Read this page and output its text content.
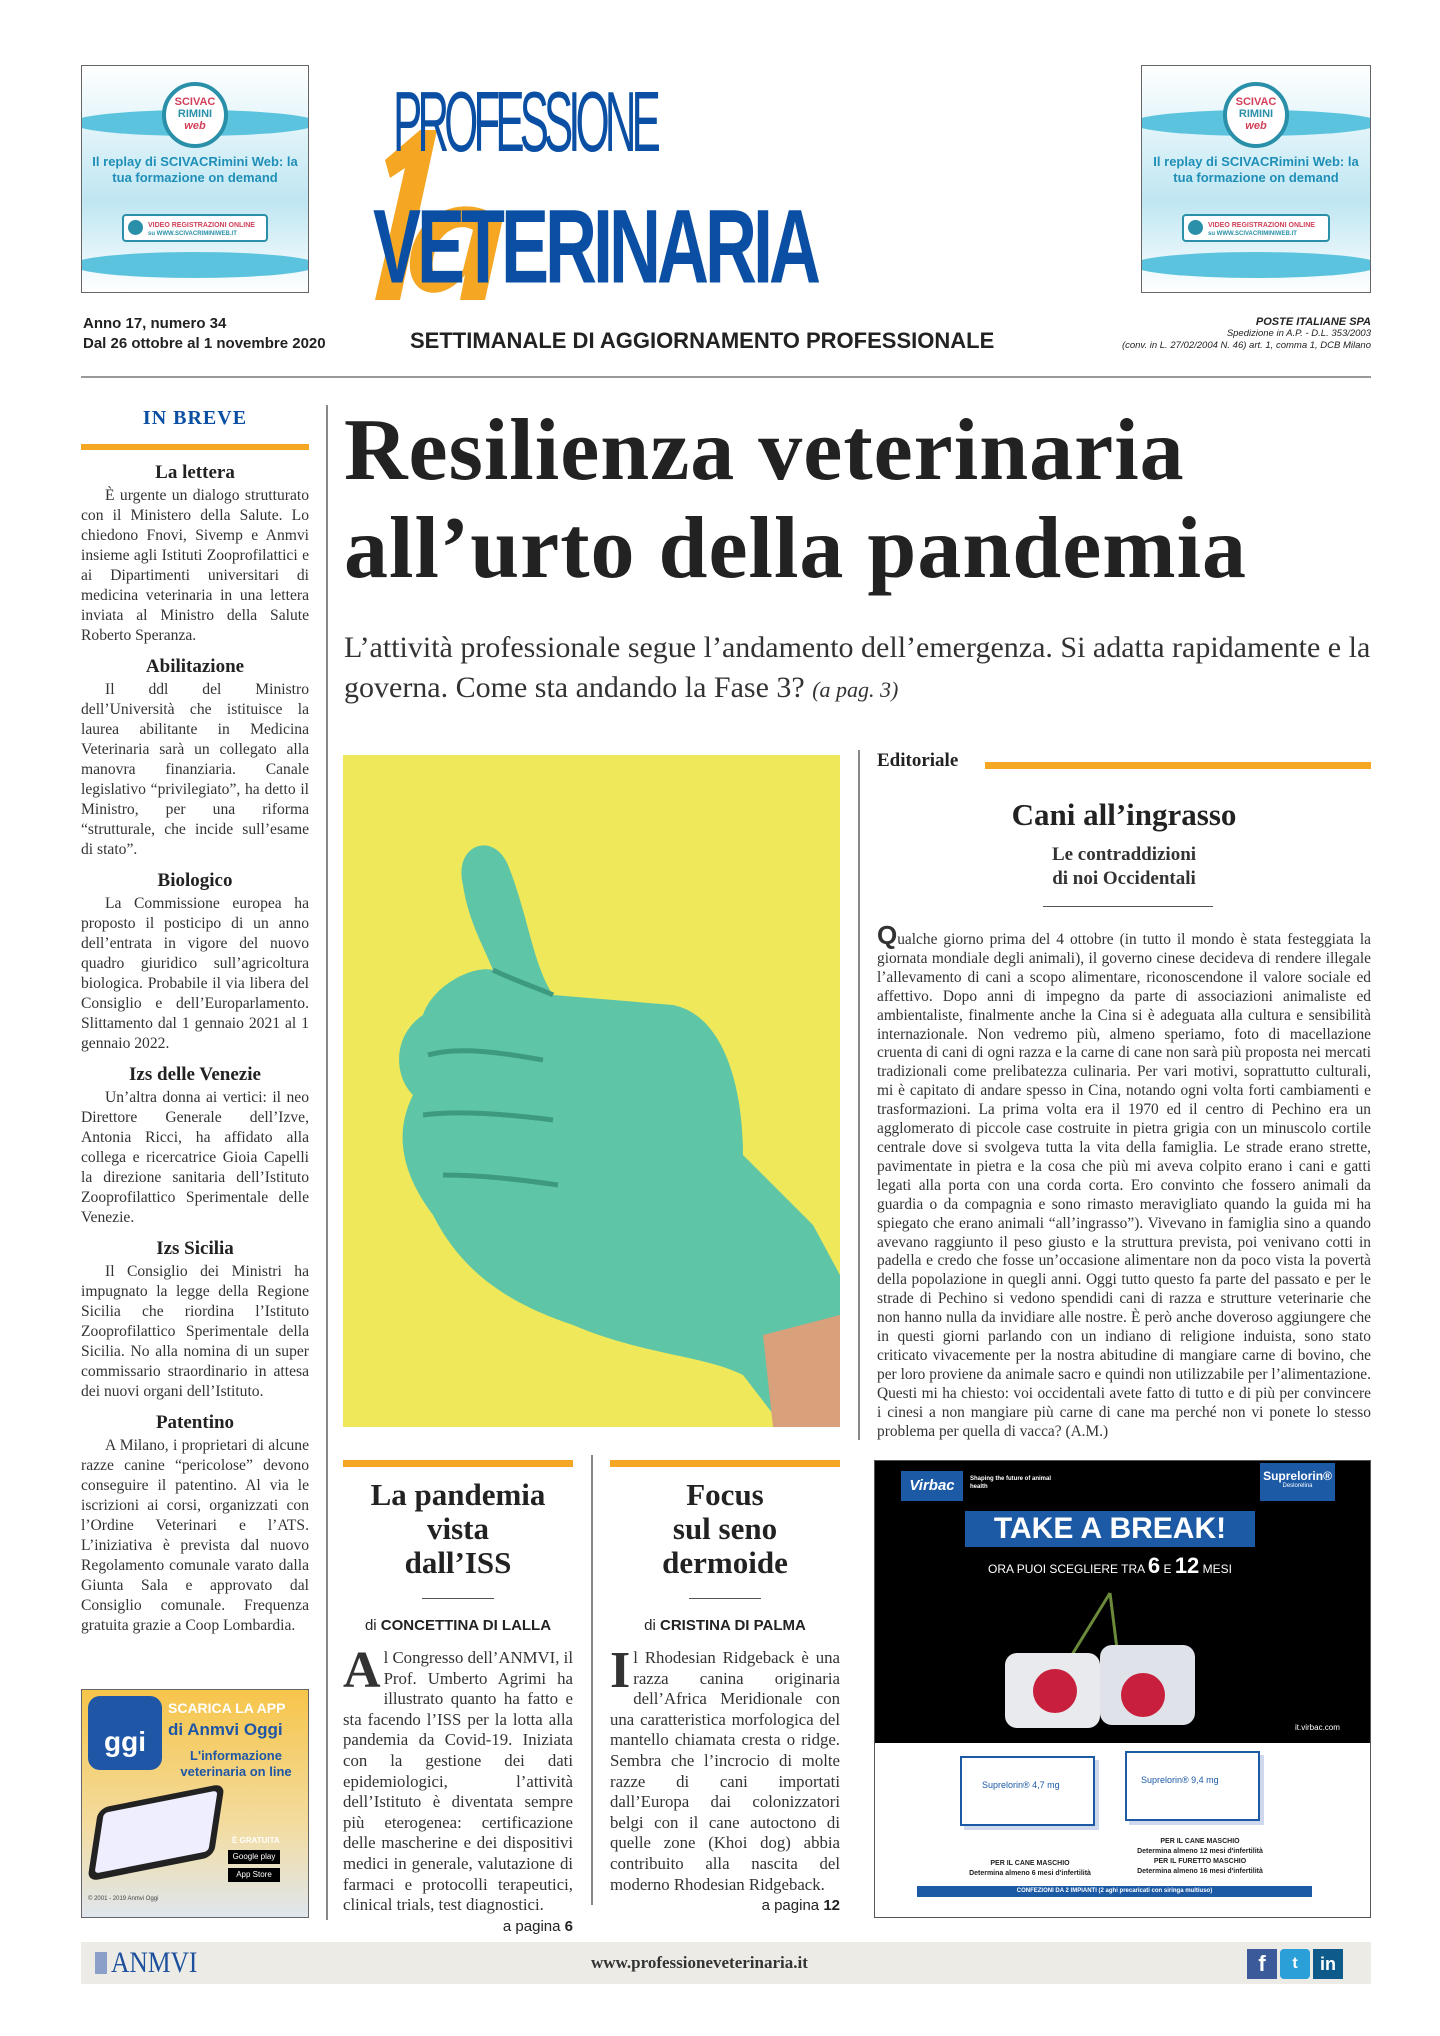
SCIVAC
RIMINI
web
Il replay di SCIVACRimini Web: la tua formazione on demand
VIDEO REGISTRAZIONI ONLINE
su WWW.SCIVACRIMINIWEB.IT
SCIVAC
RIMINI
web
Il replay di SCIVACRimini Web: la tua formazione on demand
VIDEO REGISTRAZIONI ONLINE
su WWW.SCIVACRIMINIWEB.IT
PROFESSIONE
VETERINARIA
Anno 17, numero 34
Dal 26 ottobre al 1 novembre 2020	SETTIMANALE DI AGGIORNAMENTO PROFESSIONALE
POSTE ITALIANE SPA
Spedizione in A.P. - D.L. 353/2003
(conv. in L. 27/02/2004 N. 46) art. 1, comma 1, DCB Milano
IN BREVE
La lettera

È urgente un dialogo strutturato con il Ministero della Salute. Lo chiedono Fnovi, Sivemp e Anmvi insieme agli Istituti Zooprofilattici e ai Dipartimenti universitari di medicina veterinaria in una lettera inviata al Ministro della Salute Roberto Speranza.

Abilitazione

Il ddl del Ministro dell’Università che istituisce la laurea abilitante in Medicina Veterinaria sarà un collegato alla manovra finanziaria. Canale legislativo “privilegiato”, ha detto il Ministro, per una riforma “strutturale, che incide sull’esame di stato”.

Biologico

La Commissione europea ha proposto il posticipo di un anno dell’entrata in vigore del nuovo quadro giuridico sull’agricoltura biologica. Probabile il via libera del Consiglio e dell’Europarlamento. Slittamento dal 1 gennaio 2021 al 1 gennaio 2022.

Izs delle Venezie

Un’altra donna ai vertici: il neo Direttore Generale dell’Izve, Antonia Ricci, ha affidato alla collega e ricercatrice Gioia Capelli la direzione sanitaria dell’Istituto Zooprofilattico Sperimentale delle Venezie.

Izs Sicilia

Il Consiglio dei Ministri ha impugnato la legge della Regione Sicilia che riordina l’Istituto Zooprofilattico Sperimentale della Sicilia. No alla nomina di un super commissario straordinario in attesa dei nuovi organi dell’Istituto.

Patentino

A Milano, i proprietari di alcune razze canine “pericolose” devono conseguire il patentino. Al via le iscrizioni ai corsi, organizzati con l’Ordine Veterinari e l’ATS. L’iniziativa è prevista dal nuovo Regolamento comunale varato dalla Giunta Sala e approvato dal Consiglio comunale. Frequenza gratuita grazie a Coop Lombardia.

ggi
SCARICA LA APP
di Anmvi Oggi
L'informazione veterinaria on line
È GRATUITA
Google play
App Store
© 2001 - 2019 Anmvi Oggi
Resilienza veterinaria
all’urto della pandemia
L’attività professionale segue l’andamento dell’emergenza. Si adatta rapidamente e la governa. Come sta andando la Fase 3? (a pag. 3)
Editoriale
Cani all’ingrasso
Le contraddizioni
di noi Occidentali

Qualche giorno prima del 4 ottobre (in tutto il mondo è stata festeggiata la giornata mondiale degli animali), il governo cinese decideva di rendere illegale l’allevamento di cani a scopo alimentare, riconoscendone il valore sociale ed affettivo. Dopo anni di impegno da parte di associazioni animaliste ed ambientaliste, finalmente anche la Cina si è adeguata alla cultura e sensibilità internazionale. Non vedremo più, almeno speriamo, foto di macellazione cruenta di cani di ogni razza e la carne di cane non sarà più proposta nei mercati tradizionali come prelibatezza culinaria. Per vari motivi, soprattutto culturali, mi è capitato di andare spesso in Cina, notando ogni volta forti cambiamenti e trasformazioni. La prima volta era il 1970 ed il centro di Pechino era un agglomerato di piccole case costruite in pietra grigia con un minuscolo cortile centrale dove si svolgeva tutta la vita della famiglia. Le strade erano strette, pavimentate in pietra e la cosa che più mi aveva colpito erano i cani e gatti legati alla porta con una corda corta. Ero convinto che fossero animali da guardia o da compagnia e sono rimasto meravigliato quando la guida mi ha spiegato che erano animali “all’ingrasso”). Vivevano in famiglia sino a quando avevano raggiunto il peso giusto e la struttura prevista, poi venivano cotti in padella e credo che fosse un’occasione alimentare non da poco vista la povertà della popolazione in quegli anni. Oggi tutto questo fa parte del passato e per le strade di Pechino si vedono spendidi cani di razza e strutture veterinarie che non hanno nulla da invidiare alle nostre. È però anche doveroso aggiungere che in questi giorni parlando con un indiano di religione induista, sono stato criticato vivacemente per la nostra abitudine di mangiare carne di bovino, che per loro proviene da animale sacro e quindi non utilizzabile per l’alimentazione. Questi mi ha chiesto: voi occidentali avete fatto di tutto e di più per convincere i cinesi a non mangiare più carne di cane ma perché non vi ponete lo stesso problema per quella di vacca? (A.M.)

La pandemia
vista
dall’ISS
di CONCETTINA DI LALLA
Al Congresso dell’ANMVI, il Prof. Umberto Agrimi ha illustrato quanto ha fatto e sta facendo l’ISS per la lotta alla pandemia da Covid-19. Iniziata con la gestione dei dati epidemiologici, l’attività dell’Istituto è diventata sempre più eterogenea: certificazione delle mascherine e dei dispositivi medici in generale, valutazione di farmaci e protocolli terapeutici, clinical trials, test diagnostici.
a pagina 6
Focus
sul seno
dermoide
di CRISTINA DI PALMA
Il Rhodesian Ridgeback è una razza canina originaria dell’Africa Meridionale con una caratteristica morfologica del mantello chiamata cresta o ridge. Sembra che l’incrocio di molte razze di cani importati dall’Europa dai colonizzatori belgi con il cane autoctono di quelle zone (Khoi dog) abbia contribuito alla nascita del moderno Rhodesian Ridgeback.
a pagina 12
Virbac	Shaping the future of animal health
Suprelorin®
Deslorelina
TAKE A BREAK!
ORA PUOI SCEGLIERE TRA 6 E 12 MESI
it.virbac.com
Suprelorin® 4,7 mg	Suprelorin® 9,4 mg
PER IL CANE MASCHIO
Determina almeno 6 mesi d'infertilità
PER IL CANE MASCHIO
Determina almeno 12 mesi d'infertilità
PER IL FURETTO MASCHIO
Determina almeno 16 mesi d'infertilità
CONFEZIONI DA 2 IMPIANTI (2 aghi precaricati con siringa multiuso)
ANMVI	www.professioneveterinaria.it	f	t	in
